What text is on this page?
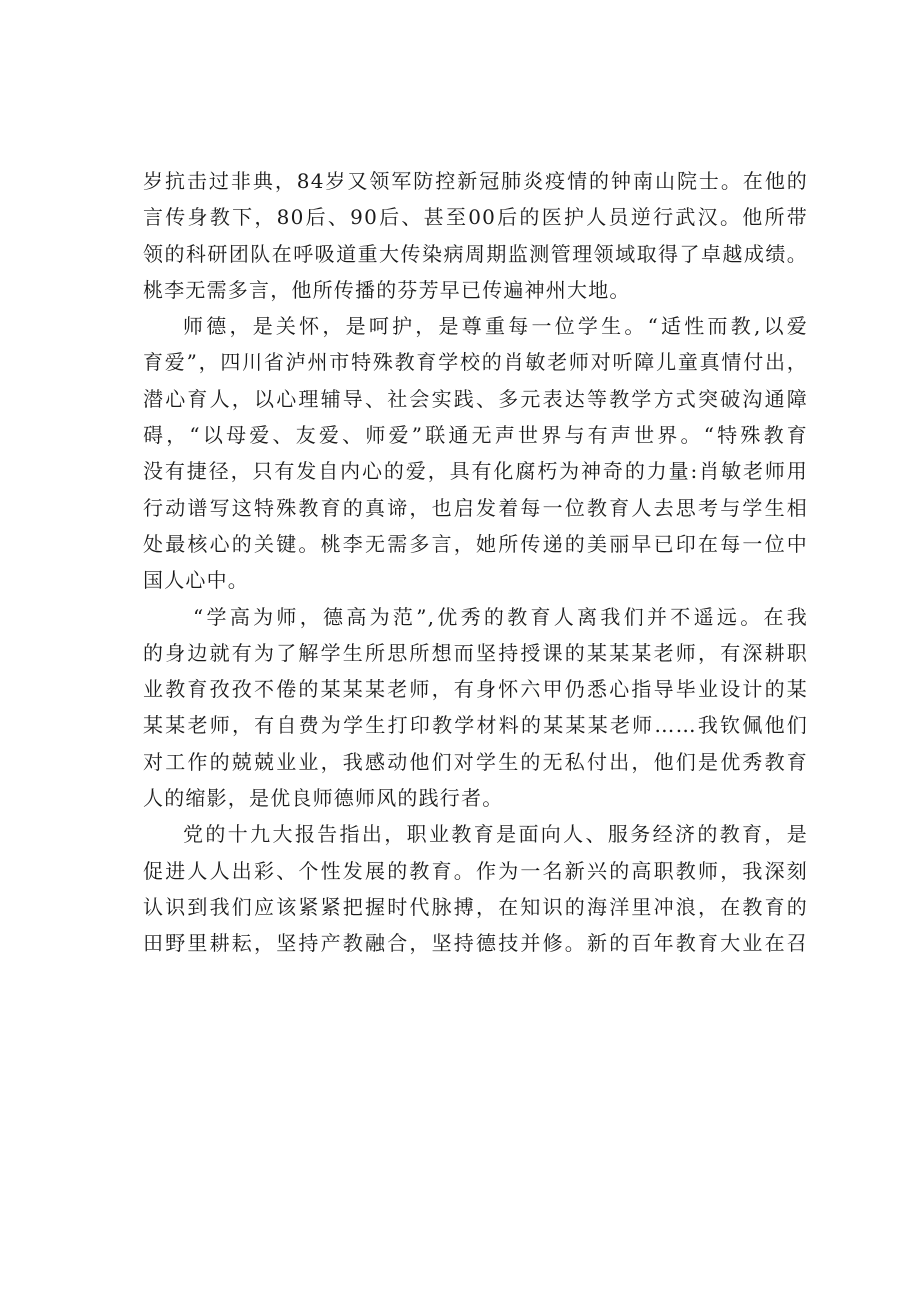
岁抗击过非典，84岁又领军防控新冠肺炎疫情的钟南山院士。在他的
言传身教下，80后、90后、甚至00后的医护人员逆行武汉。他所带
领的科研团队在呼吸道重大传染病周期监测管理领域取得了卓越成绩。
桃李无需多言，他所传播的芬芳早已传遍神州大地。
师德，是关怀，是呵护，是尊重每一位学生。“适性而教,以爱
育爱”，四川省泸州市特殊教育学校的肖敏老师对听障儿童真情付出，
潜心育人，以心理辅导、社会实践、多元表达等教学方式突破沟通障
碍，“以母爱、友爱、师爱”联通无声世界与有声世界。“特殊教育
没有捷径，只有发自内心的爱，具有化腐朽为神奇的力量:肖敏老师用
行动谱写这特殊教育的真谛，也启发着每一位教育人去思考与学生相
处最核心的关键。桃李无需多言，她所传递的美丽早已印在每一位中
国人心中。
“学高为师，德高为范”,优秀的教育人离我们并不遥远。在我
的身边就有为了解学生所思所想而坚持授课的某某某老师，有深耕职
业教育孜孜不倦的某某某老师，有身怀六甲仍悉心指导毕业设计的某
某某老师，有自费为学生打印教学材料的某某某老师……我钦佩他们
对工作的兢兢业业，我感动他们对学生的无私付出，他们是优秀教育
人的缩影，是优良师德师风的践行者。
党的十九大报告指出，职业教育是面向人、服务经济的教育，是
促进人人出彩、个性发展的教育。作为一名新兴的高职教师，我深刻
认识到我们应该紧紧把握时代脉搏，在知识的海洋里冲浪，在教育的
田野里耕耘，坚持产教融合，坚持德技并修。新的百年教育大业在召
